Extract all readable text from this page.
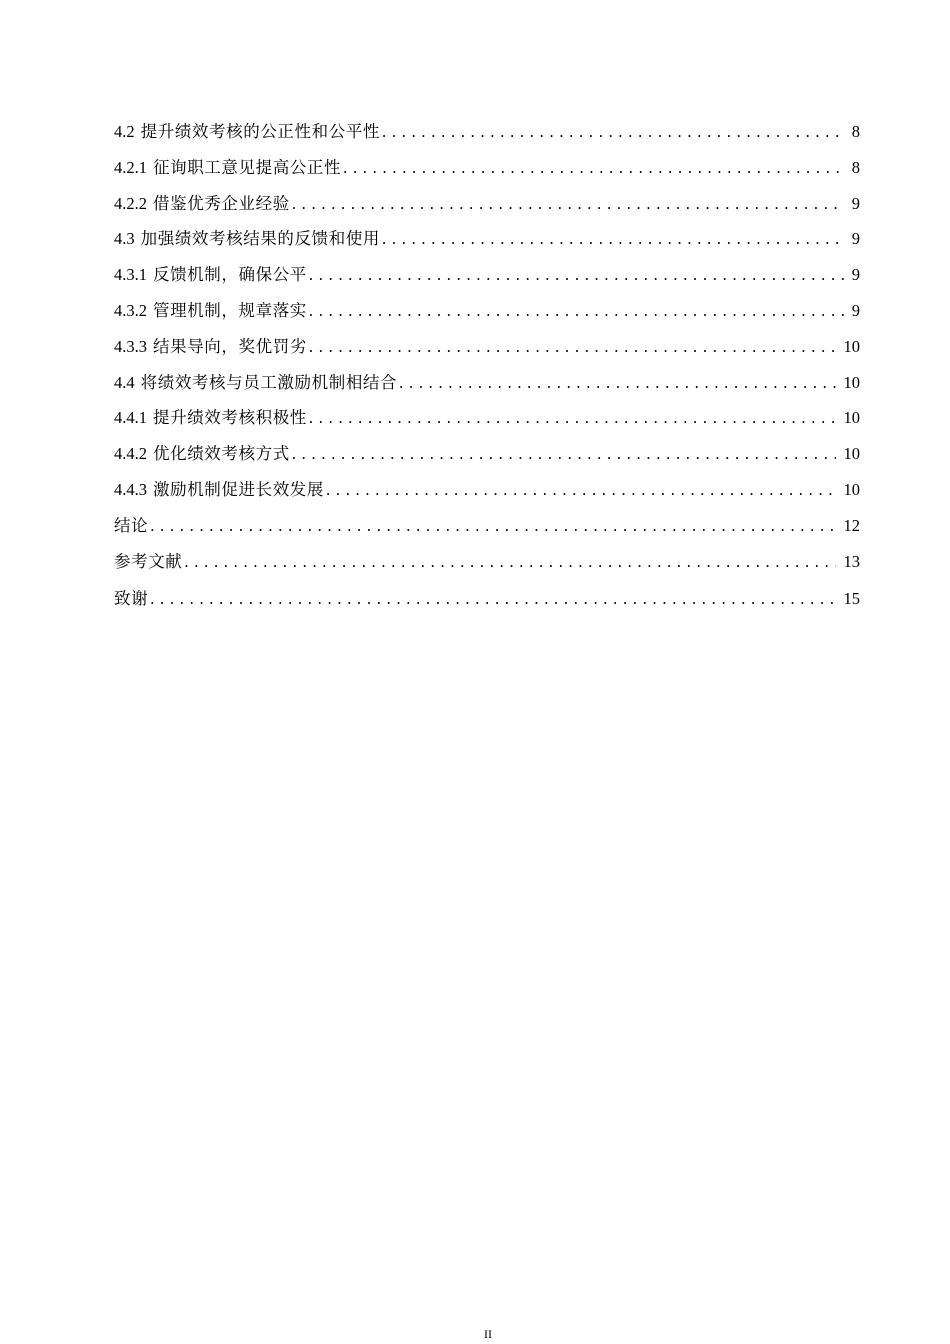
4.2 提升绩效考核的公正性和公平性 . . .	8
4.2.1 征询职工意见提高公正性 . . .	8
4.2.2 借鉴优秀企业经验 . . .	9
4.3 加强绩效考核结果的反馈和使用 . . .	9
4.3.1 反馈机制，确保公平 . . .	9
4.3.2 管理机制，规章落实 . . .	9
4.3.3 结果导向，奖优罚劣 . . .	10
4.4 将绩效考核与员工激励机制相结合 . . .	10
4.4.1 提升绩效考核积极性 . . .	10
4.4.2 优化绩效考核方式 . . .	10
4.4.3 激励机制促进长效发展 . . .	10
结论 . . .	12
参考文献 . . .	13
致谢 . . .	15
II
